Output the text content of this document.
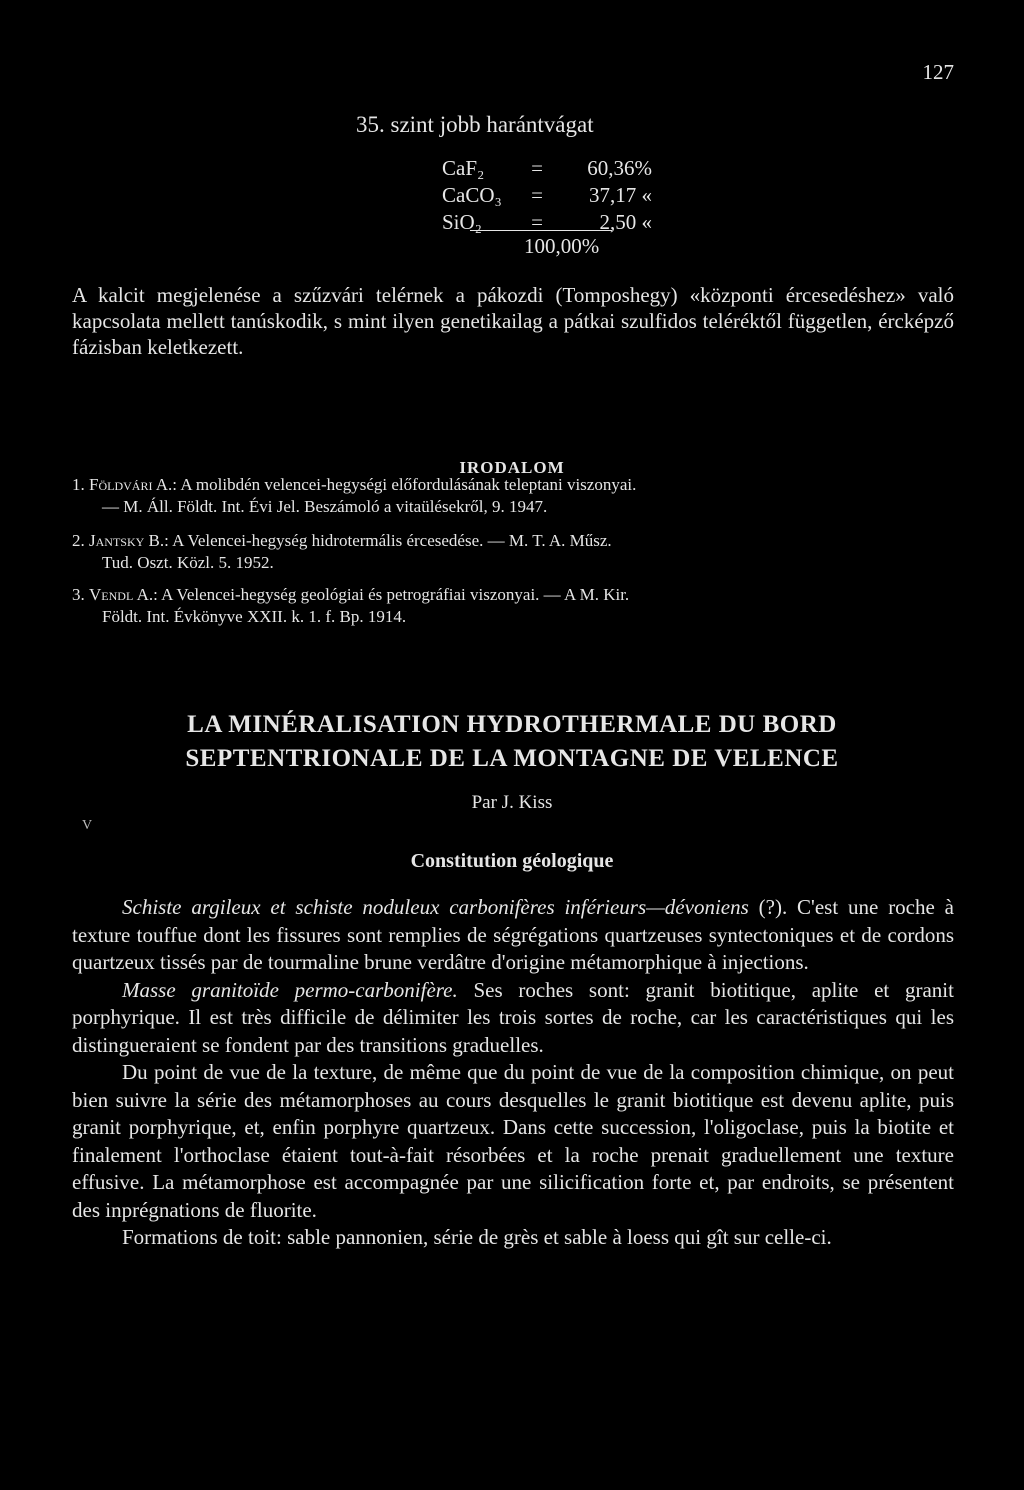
127
35. szint jobb harántvágat
CaF₂	=	60,36%
CaCO₃	=	37,17 «
SiO₂	=	2,50 «
100,00%
A kalcit megjelenése a szűzvári telérnek a pákozdi (Tomposhegy) «központi ércesedéshez» való kapcsolata mellett tanúskodik, s mint ilyen genetikailag a pátkai szulfidos teléréktől független, ércképző fázisban keletkezett.
IRODALOM
1. Földvári A.: A molibdén velencei-hegységi előfordulásának teleptani viszonyai.
— M. Áll. Földt. Int. Évi Jel. Beszámoló a vitaülésekről, 9. 1947.
2. Jantsky B.: A Velencei-hegység hidrotermális ércesedése. — M. T. A. Műsz.
Tud. Oszt. Közl. 5. 1952.
3. Vendl A.: A Velencei-hegység geológiai és petrográfiai viszonyai. — A M. Kir.
Földt. Int. Évkönyve XXII. k. 1. f. Bp. 1914.
LA MINÉRALISATION HYDROTHERMALE DU BORD
SEPTENTRIONALE DE LA MONTAGNE DE VELENCE
Par J. Kiss
V
Constitution géologique

Schiste argileux et schiste noduleux carbonifères inférieurs—dévoniens (?). C'est une roche à texture touffue dont les fissures sont remplies de ségrégations quartzeuses syntectoniques et de cordons quartzeux tissés par de tourmaline brune verdâtre d'origine métamorphique à injections.

Masse granitoïde permo-carbonifère. Ses roches sont: granit biotitique, aplite et granit porphyrique. Il est très difficile de délimiter les trois sortes de roche, car les caractéristiques qui les distingueraient se fondent par des transitions graduelles.

Du point de vue de la texture, de même que du point de vue de la composition chimique, on peut bien suivre la série des métamorphoses au cours desquelles le granit biotitique est devenu aplite, puis granit porphyrique, et, enfin porphyre quartzeux. Dans cette succession, l'oligoclase, puis la biotite et finalement l'orthoclase étaient tout-à-fait résorbées et la roche prenait graduellement une texture effusive. La métamorphose est accompagnée par une silicification forte et, par endroits, se présentent des inprégnations de fluorite.

Formations de toit: sable pannonien, série de grès et sable à loess qui gît sur celle-ci.
